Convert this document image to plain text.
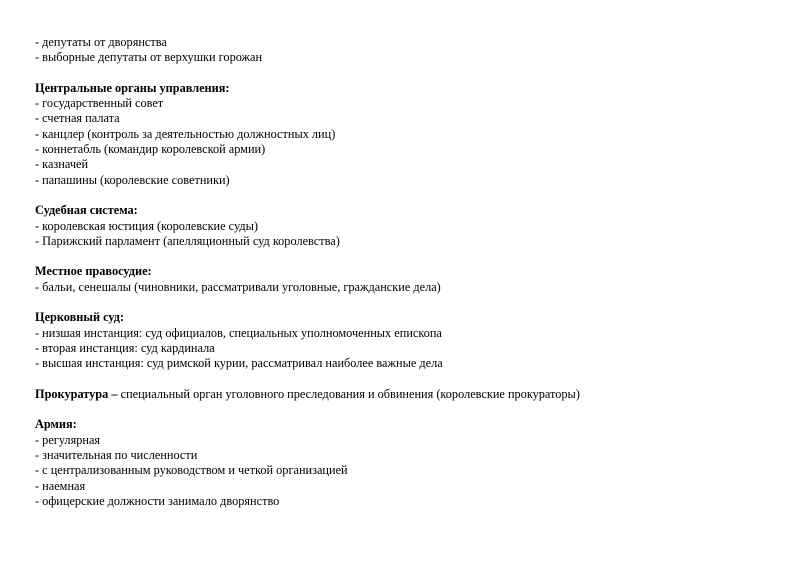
- депутаты от дворянства
- выборные депутаты от верхушки горожан
Центральные органы управления:
- государственный совет
- счетная палата
- канцлер (контроль за деятельностью должностных лиц)
- коннетабль (командир королевской армии)
- казначей
- папашины (королевские советники)
Судебная система:
- королевская юстиция (королевские суды)
- Парижский парламент (апелляционный суд королевства)
Местное правосудие:
- бальи, сенешалы (чиновники, рассматривали уголовные, гражданские дела)
Церковный суд:
- низшая инстанция: суд официалов, специальных уполномоченных епископа
- вторая инстанция: суд кардинала
- высшая инстанция: суд римской курии, рассматривал наиболее важные дела
Прокуратура – специальный орган уголовного преследования и обвинения (королевские прокураторы)
Армия:
- регулярная
- значительная по численности
- с централизованным руководством и четкой организацией
- наемная
- офицерские должности занимало дворянство
